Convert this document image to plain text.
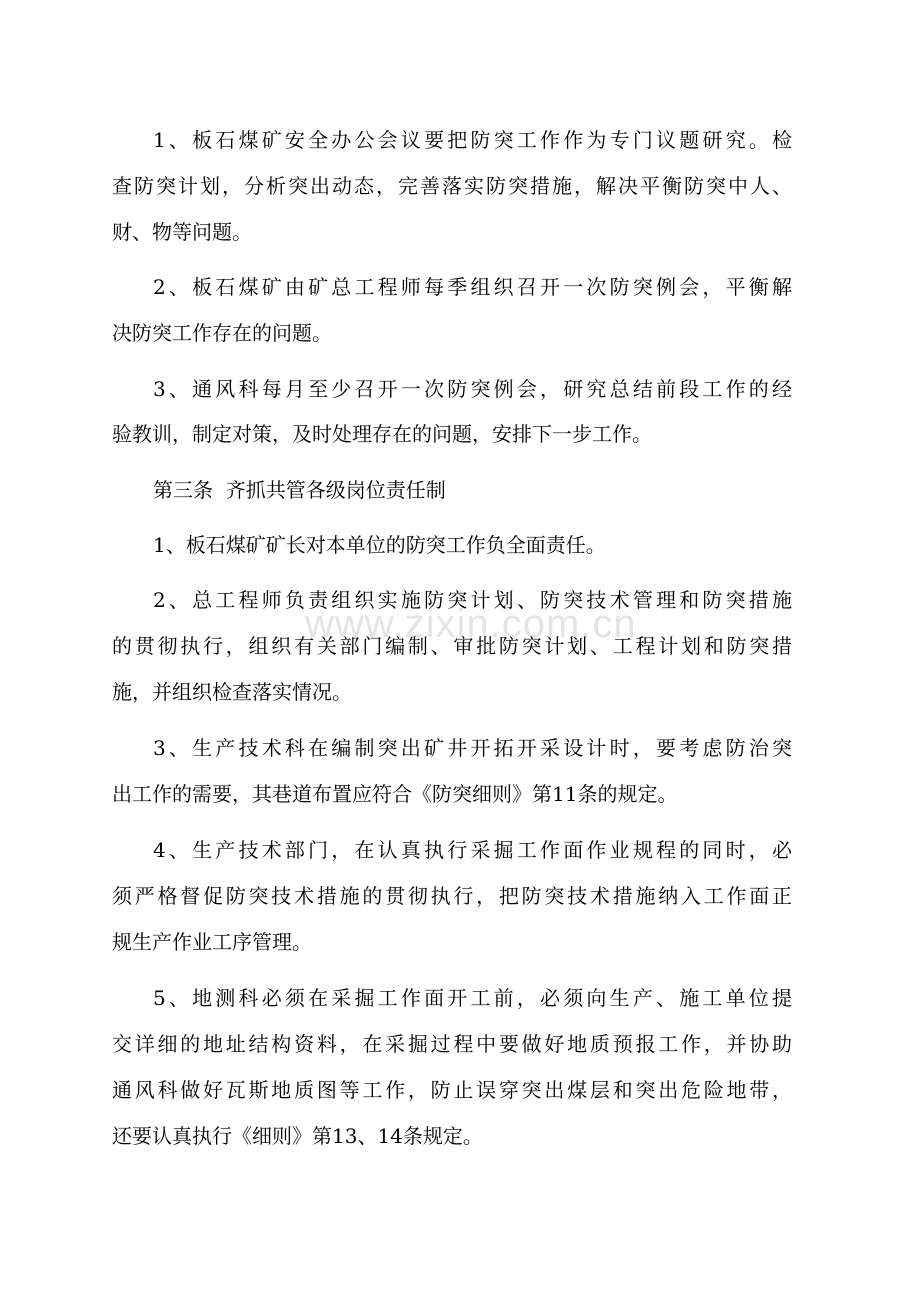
www.zixin.com.cn
1、板石煤矿安全办公会议要把防突工作作为专门议题研究。检
查防突计划，分析突出动态，完善落实防突措施，解决平衡防突中人、
财、物等问题。
2、板石煤矿由矿总工程师每季组织召开一次防突例会，平衡解
决防突工作存在的问题。
3、通风科每月至少召开一次防突例会，研究总结前段工作的经
验教训，制定对策，及时处理存在的问题，安排下一步工作。
第三条  齐抓共管各级岗位责任制
1、板石煤矿矿长对本单位的防突工作负全面责任。
2、总工程师负责组织实施防突计划、防突技术管理和防突措施
的贯彻执行，组织有关部门编制、审批防突计划、工程计划和防突措
施，并组织检查落实情况。
3、生产技术科在编制突出矿井开拓开采设计时，要考虑防治突
出工作的需要，其巷道布置应符合《防突细则》第11条的规定。
4、生产技术部门，在认真执行采掘工作面作业规程的同时，必
须严格督促防突技术措施的贯彻执行，把防突技术措施纳入工作面正
规生产作业工序管理。
5、地测科必须在采掘工作面开工前，必须向生产、施工单位提
交详细的地址结构资料，在采掘过程中要做好地质预报工作，并协助
通风科做好瓦斯地质图等工作，防止误穿突出煤层和突出危险地带，
还要认真执行《细则》第13、14条规定。
